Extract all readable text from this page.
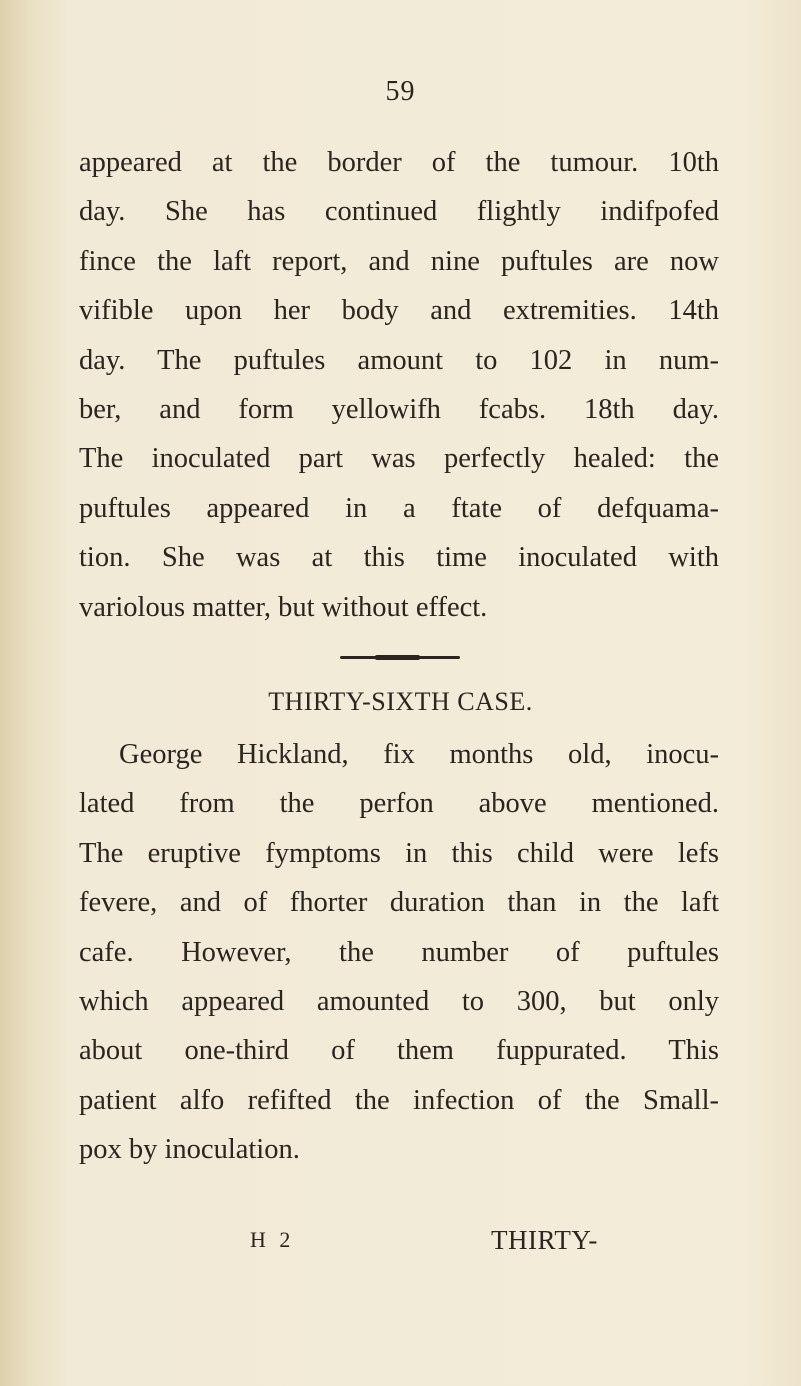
59
appeared at the border of the tumour. 10th
day. She has continued flightly indifpofed
fince the laft report, and nine puftules are now
vifible upon her body and extremities. 14th
day. The puftules amount to 102 in num-
ber, and form yellowifh fcabs. 18th day.
The inoculated part was perfectly healed: the
puftules appeared in a ftate of defquama-
tion. She was at this time inoculated with
variolous matter, but without effect.
THIRTY-SIXTH CASE.
George Hickland, fix months old, inocu-
lated from the perfon above mentioned.
The eruptive fymptoms in this child were lefs
fevere, and of fhorter duration than in the laft
cafe. However, the number of puftules
which appeared amounted to 300, but only
about one-third of them fuppurated. This
patient alfo refifted the infection of the Small-
pox by inoculation.
H 2	THIRTY-
